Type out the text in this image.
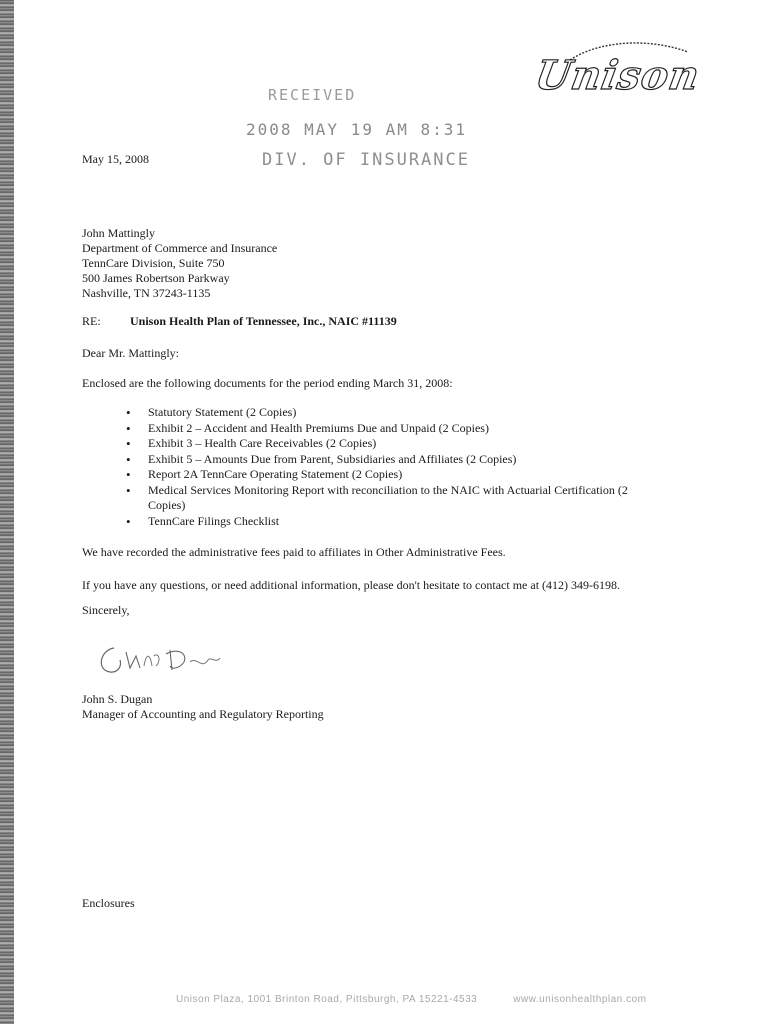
Unison
RECEIVED
2008 MAY 19 AM 8:31
DIV. OF INSURANCE
May 15, 2008
John Mattingly
Department of Commerce and Insurance
TennCare Division, Suite 750
500 James Robertson Parkway
Nashville, TN 37243-1135
RE: Unison Health Plan of Tennessee, Inc., NAIC #11139
Dear Mr. Mattingly:
Enclosed are the following documents for the period ending March 31, 2008:
• Statutory Statement (2 Copies)
• Exhibit 2 – Accident and Health Premiums Due and Unpaid (2 Copies)
• Exhibit 3 – Health Care Receivables (2 Copies)
• Exhibit 5 – Amounts Due from Parent, Subsidiaries and Affiliates (2 Copies)
• Report 2A TennCare Operating Statement (2 Copies)
• Medical Services Monitoring Report with reconciliation to the NAIC with Actuarial Certification (2 Copies)
• TennCare Filings Checklist
We have recorded the administrative fees paid to affiliates in Other Administrative Fees.
If you have any questions, or need additional information, please don't hesitate to contact me at (412) 349-6198.
Sincerely,
John S. Dugan
Manager of Accounting and Regulatory Reporting
Enclosures
Unison Plaza, 1001 Brinton Road, Pittsburgh, PA 15221-4533	www.unisonhealthplan.com
